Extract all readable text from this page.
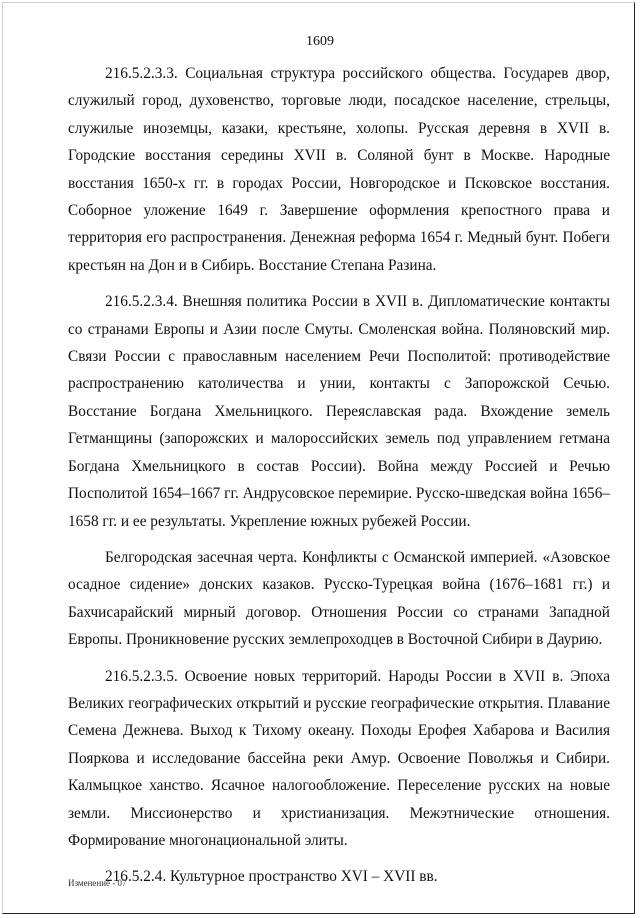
1609

216.5.2.3.3. Социальная структура российского общества. Государев двор, служилый город, духовенство, торговые люди, посадское население, стрельцы, служилые иноземцы, казаки, крестьяне, холопы. Русская деревня в XVII в. Городские восстания середины XVII в. Соляной бунт в Москве. Народные восстания 1650-х гг. в городах России, Новгородское и Псковское восстания. Соборное уложение 1649 г. Завершение оформления крепостного права и территория его распространения. Денежная реформа 1654 г. Медный бунт. Побеги крестьян на Дон и в Сибирь. Восстание Степана Разина.

216.5.2.3.4. Внешняя политика России в XVII в. Дипломатические контакты со странами Европы и Азии после Смуты. Смоленская война. Поляновский мир. Связи России с православным населением Речи Посполитой: противодействие распространению католичества и унии, контакты с Запорожской Сечью. Восстание Богдана Хмельницкого. Переяславская рада. Вхождение земель Гетманщины (запорожских и малороссийских земель под управлением гетмана Богдана Хмельницкого в состав России). Война между Россией и Речью Посполитой 1654–1667 гг. Андрусовское перемирие. Русско-шведская война 1656–1658 гг. и ее результаты. Укрепление южных рубежей России.

Белгородская засечная черта. Конфликты с Османской империей. «Азовское осадное сидение» донских казаков. Русско-Турецкая война (1676–1681 гг.) и Бахчисарайский мирный договор. Отношения России со странами Западной Европы. Проникновение русских землепроходцев в Восточной Сибири в Даурию.

216.5.2.3.5. Освоение новых территорий. Народы России в XVII в. Эпоха Великих географических открытий и русские географические открытия. Плавание Семена Дежнева. Выход к Тихому океану. Походы Ерофея Хабарова и Василия Пояркова и исследование бассейна реки Амур. Освоение Поволжья и Сибири. Калмыцкое ханство. Ясачное налогообложение. Переселение русских на новые земли. Миссионерство и христианизация. Межэтнические отношения. Формирование многонациональной элиты.

216.5.2.4. Культурное пространство XVI – XVII вв.

Изменение - 07
